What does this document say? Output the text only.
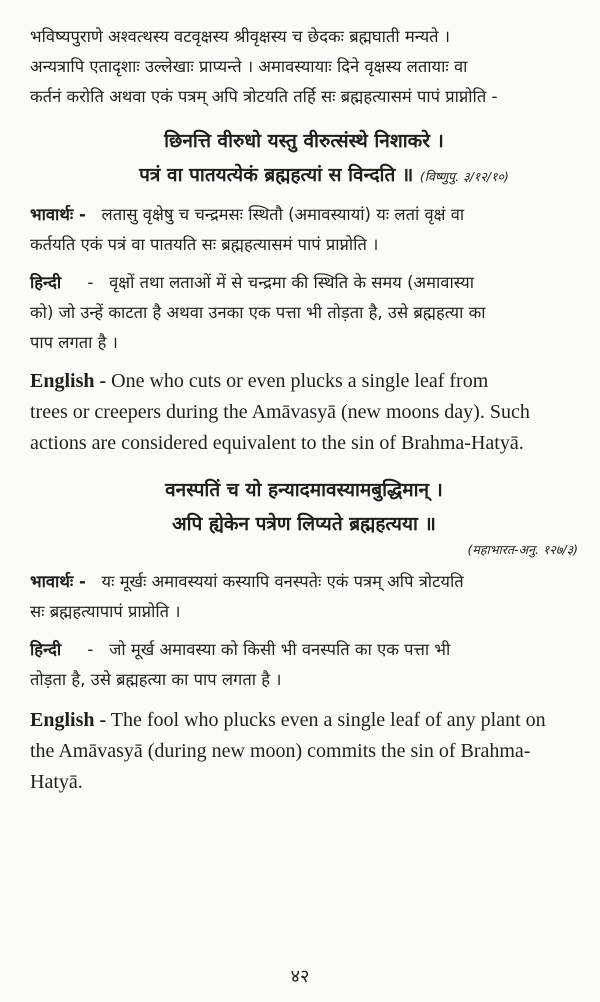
भविष्यपुराणे अश्वत्थस्य वटवृक्षस्य श्रीवृक्षस्य च छेदकः ब्रह्मघाती मन्यते ।

अन्यत्रापि एतादृशाः उल्लेखाः प्राप्यन्ते । अमावस्यायाः दिने वृक्षस्य लतायाः वा

कर्तनं करोति अथवा एकं पत्रम् अपि त्रोटयति तर्हि सः ब्रह्महत्यासमं पापं प्राप्नोति -

छिनत्ति वीरुधो यस्तु वीरुत्संस्थे निशाकरे ।

पत्रं वा पातयत्येकं ब्रह्महत्यां स विन्दति ॥ (विष्णुपु. ३/१२/१०)

भावार्थः - लतासु वृक्षेषु च चन्द्रमसः स्थितौ (अमावस्यायां) यः लतां वृक्षं वा

कर्तयति एकं पत्रं वा पातयति सः ब्रह्महत्यासमं पापं प्राप्नोति ।

हिन्दी - वृक्षों तथा लताओं में से चन्द्रमा की स्थिति के समय (अमावास्या

को) जो उन्हें काटता है अथवा उनका एक पत्ता भी तोड़ता है, उसे ब्रह्महत्या का

पाप लगता है ।

English - One who cuts or even plucks a single leaf from

trees or creepers during the Amāvasyā (new moons day). Such

actions are considered equivalent to the sin of Brahma-Hatyā.

वनस्पतिं च यो हन्यादमावस्यामबुद्धिमान् ।

अपि ह्येकेन पत्रेण लिप्यते ब्रह्महत्यया ॥

(महाभारत-अनु. १२७/३)

भावार्थः - यः मूर्खः अमावस्ययां कस्यापि वनस्पतेः एकं पत्रम् अपि त्रोटयति

सः ब्रह्महत्यापापं प्राप्नोति ।

हिन्दी - जो मूर्ख अमावस्या को किसी भी वनस्पति का एक पत्ता भी

तोड़ता है, उसे ब्रह्महत्या का पाप लगता है ।

English - The fool who plucks even a single leaf of any plant on

the Amāvasyā (during new moon) commits the sin of Brahma-

Hatyā.

४२
